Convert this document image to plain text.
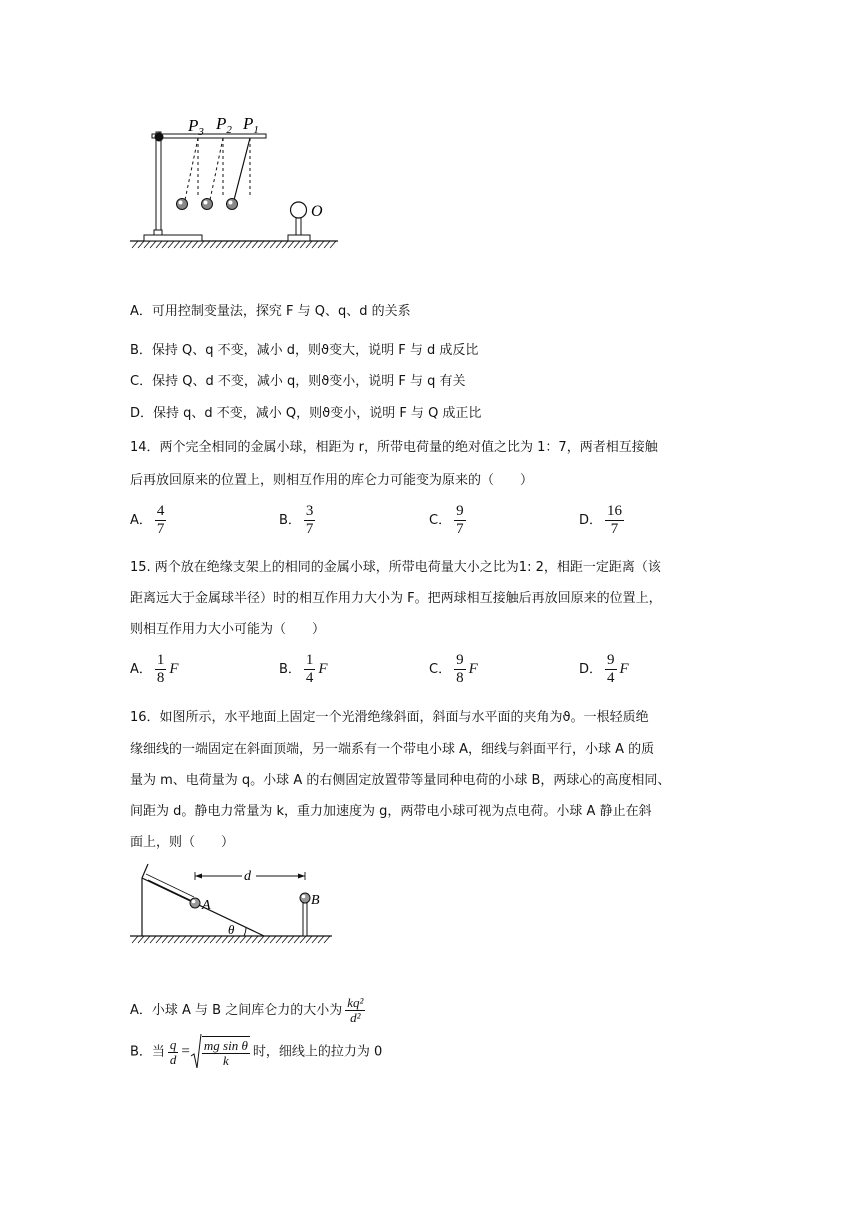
$P_3$ $P_2$ $P_1$
O
A．可用控制变量法，探究 F 与 Q、q、d 的关系
B．保持 Q、q 不变，减小 d，则ϑ变大，说明 F 与 d 成反比
C．保持 Q、d 不变，减小 q，则ϑ变小，说明 F 与 q 有关
D．保持 q、d 不变，减小 Q，则ϑ变小，说明 F 与 Q 成正比
14．两个完全相同的金属小球，相距为 r，所带电荷量的绝对值之比为 1：7，两者相互接触
后再放回原来的位置上，则相互作用的库仑力可能变为原来的（　　）
A． $\frac{4}{7}$	B． $\frac{3}{7}$	C． $\frac{9}{7}$	D． $\frac{16}{7}$
15. 两个放在绝缘支架上的相同的金属小球，所带电荷量大小之比为1: 2，相距一定距离（该
距离远大于金属球半径）时的相互作用力大小为 F。把两球相互接触后再放回原来的位置上，
则相互作用力大小可能为（　　）
A． $\frac{1}{8}$ F	B． $\frac{1}{4}$ F	C． $\frac{9}{8}$ F	D． $\frac{9}{4}$ F
16．如图所示，水平地面上固定一个光滑绝缘斜面，斜面与水平面的夹角为ϑ。一根轻质绝
缘细线的一端固定在斜面顶端，另一端系有一个带电小球 A，细线与斜面平行，小球 A 的质
量为 m、电荷量为 q。小球 A 的右侧固定放置带等量同种电荷的小球 B，两球心的高度相同、
间距为 d。静电力常量为 k，重力加速度为 g，两带电小球可视为点电荷。小球 A 静止在斜
面上，则（　　）
A	B
d
θ
A．小球 A 与 B 之间库仑力的大小为 $\frac{\text{kq²}}{\text{d²}}$
B．当 $\frac{q}{d} = \frac{\text{mg sin θ}}{k}$ 时，细线上的拉力为 0
